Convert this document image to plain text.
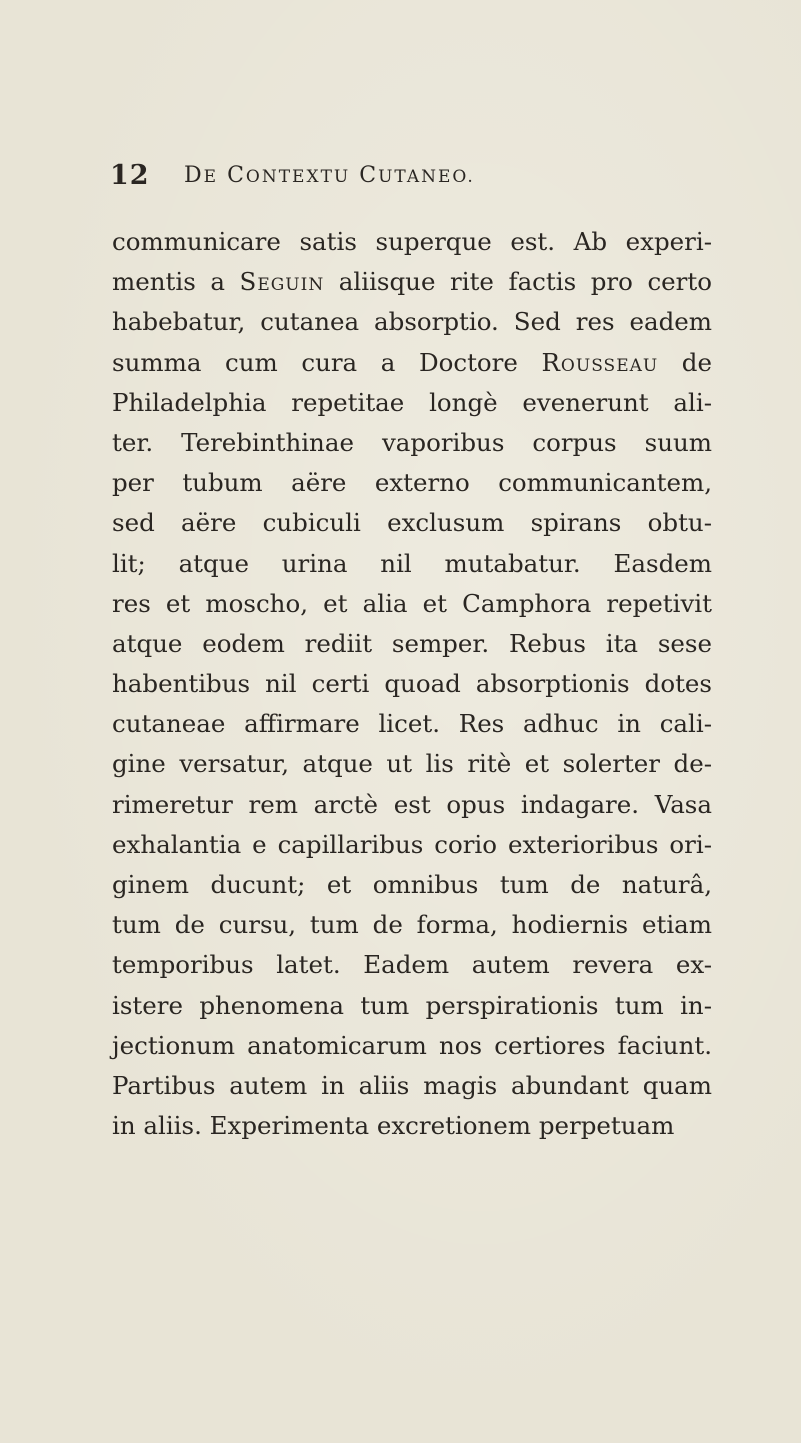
12 DE CONTEXTU CUTANEO.
communicare satis superque est. Ab experi-
mentis a Seguin aliisque rite factis pro certo
habebatur, cutanea absorptio. Sed res eadem
summa cum cura a Doctore Rousseau de
Philadelphia repetitae longè evenerunt ali-
ter. Terebinthinae vaporibus corpus suum
per tubum aëre externo communicantem,
sed aëre cubiculi exclusum spirans obtu-
lit; atque urina nil mutabatur. Easdem
res et moscho, et alia et Camphora repetivit
atque eodem rediit semper. Rebus ita sese
habentibus nil certi quoad absorptionis dotes
cutaneae affirmare licet. Res adhuc in cali-
gine versatur, atque ut lis ritè et solerter de-
rimeretur rem arctè est opus indagare. Vasa
exhalantia e capillaribus corio exterioribus ori-
ginem ducunt; et omnibus tum de naturâ,
tum de cursu, tum de forma, hodiernis etiam
temporibus latet. Eadem autem revera ex-
istere phenomena tum perspirationis tum in-
jectionum anatomicarum nos certiores faciunt.
Partibus autem in aliis magis abundant quam
in aliis. Experimenta excretionem perpetuam
